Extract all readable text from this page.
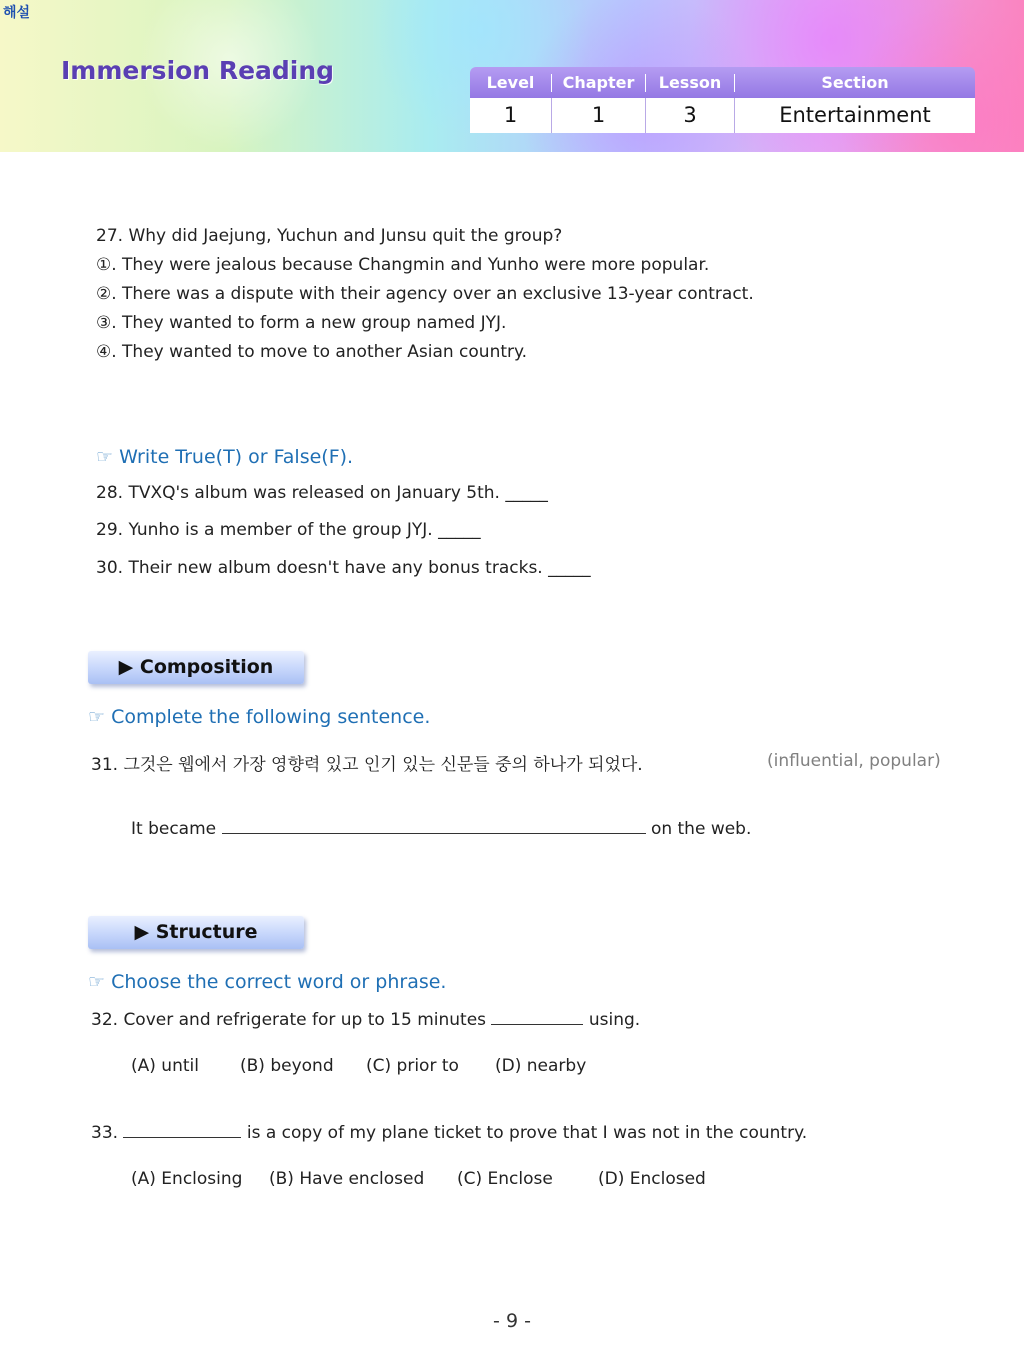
해설
Immersion Reading	Level	Chapter	Lesson	Section
1	1	3	Entertainment
27. Why did Jaejung, Yuchun and Junsu quit the group?
①. They were jealous because Changmin and Yunho were more popular.
②. There was a dispute with their agency over an exclusive 13-year contract.
③. They wanted to form a new group named JYJ.
④. They wanted to move to another Asian country.
☞ Write True(T) or False(F).
28. TVXQ's album was released on January 5th. _____
29. Yunho is a member of the group JYJ. _____
30. Their new album doesn't have any bonus tracks. _____
▶ Composition
☞ Complete the following sentence.
31. 그것은 웹에서 가장 영향력 있고 인기 있는 신문들 중의 하나가 되었다.	(influential, popular)
It became	on the web.
▶ Structure
☞ Choose the correct word or phrase.
32. Cover and refrigerate for up to 15 minutes	using.
(A) until (B) beyond (C) prior to (D) nearby
33.	is a copy of my plane ticket to prove that I was not in the country.
(A) Enclosing (B) Have enclosed (C) Enclose	(D) Enclosed
- 9 -
